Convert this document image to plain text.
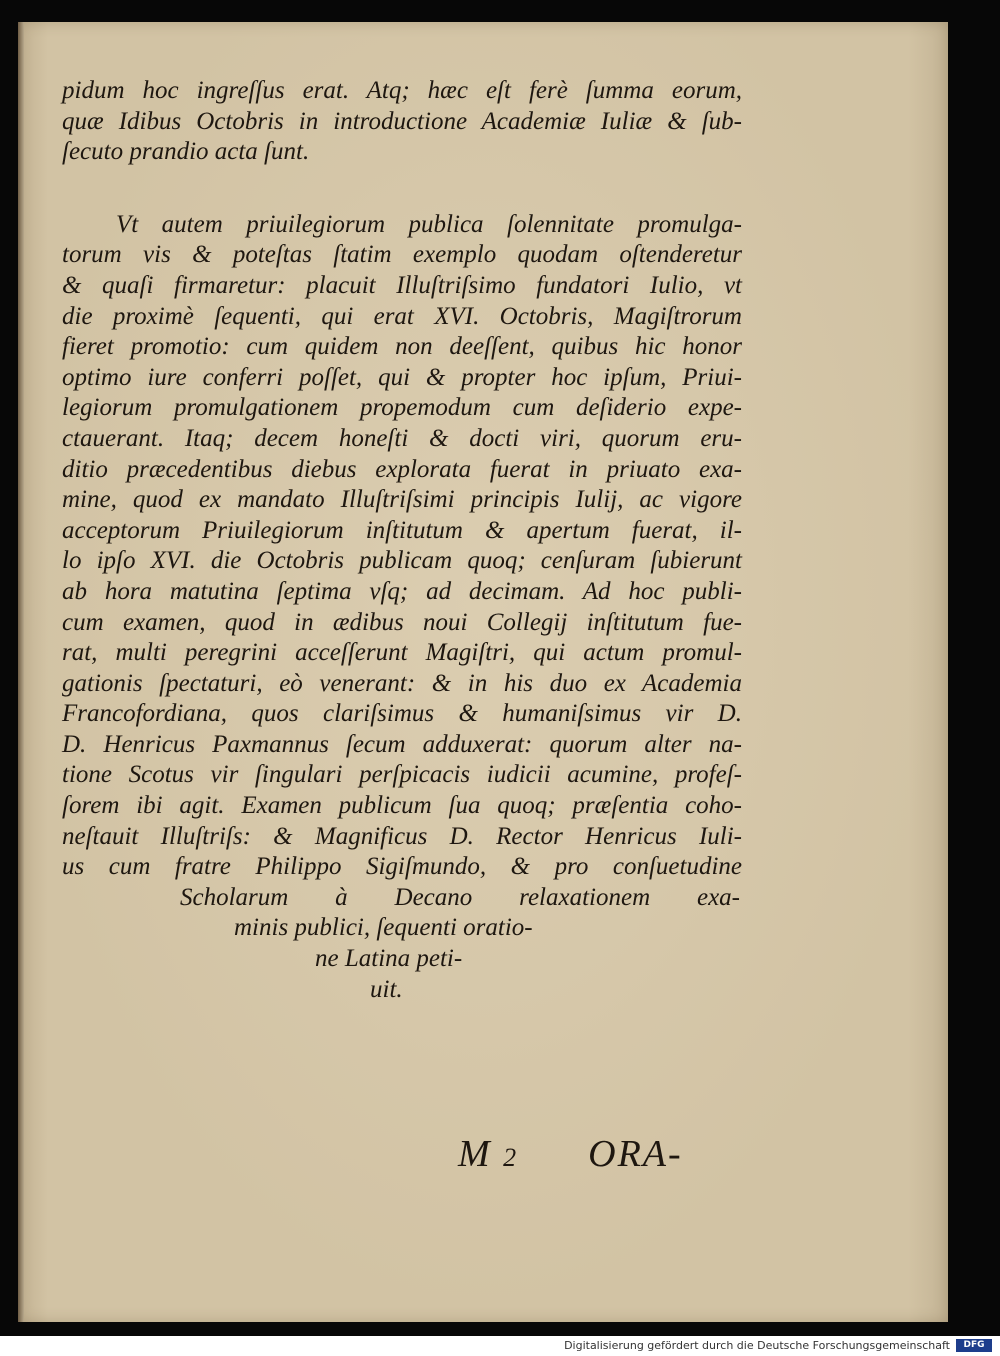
pidum hoc ingreſſus erat. Atq; hæc eſt ferè ſumma eorum,
quæ Idibus Octobris in introductione Academiæ Iuliæ & ſub-
ſecuto prandio acta ſunt.
Vt autem priuilegiorum publica ſolennitate promulga-
torum vis & poteſtas ſtatim exemplo quodam oſtenderetur
& quaſi firmaretur: placuit Illuſtriſsimo fundatori Iulio, vt
die proximè ſequenti, qui erat XVI. Octobris, Magiſtrorum
fieret promotio: cum quidem non deeſſent, quibus hic honor
optimo iure conferri poſſet, qui & propter hoc ipſum, Priui-
legiorum promulgationem propemodum cum deſiderio expe-
ctauerant. Itaq; decem honeſti & docti viri, quorum eru-
ditio præcedentibus diebus explorata fuerat in priuato exa-
mine, quod ex mandato Illuſtriſsimi principis Iulij, ac vigore
acceptorum Priuilegiorum inſtitutum & apertum fuerat, il-
lo ipſo XVI. die Octobris publicam quoq; cenſuram ſubierunt
ab hora matutina ſeptima vſq; ad decimam. Ad hoc publi-
cum examen, quod in ædibus noui Collegij inſtitutum fue-
rat, multi peregrini acceſſerunt Magiſtri, qui actum promul-
gationis ſpectaturi, eò venerant: & in his duo ex Academia
Francofordiana, quos clariſsimus & humaniſsimus vir D.
D. Henricus Paxmannus ſecum adduxerat: quorum alter na-
tione Scotus vir ſingulari perſpicacis iudicii acumine, profeſ-
ſorem ibi agit. Examen publicum ſua quoq; præſentia coho-
neſtauit Illuſtriſs: & Magnificus D. Rector Henricus Iuli-
us cum fratre Philippo Sigiſmundo, & pro conſuetudine
Scholarum à Decano relaxationem exa-
minis publici, ſequenti oratio-
ne Latina peti-
uit.
M 2 ORA-
Digitalisierung gefördert durch die Deutsche Forschungsgemeinschaft	DFG
